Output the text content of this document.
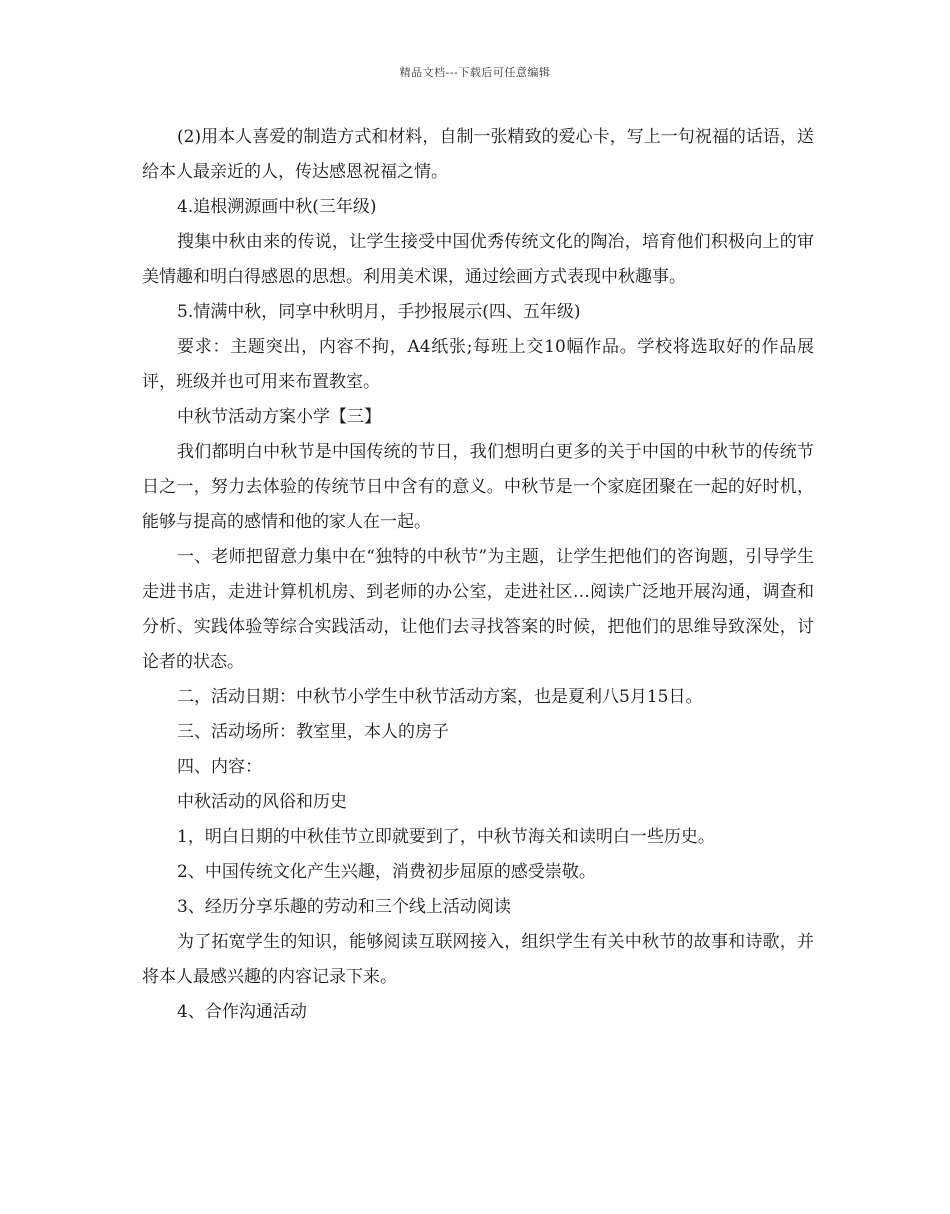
精品文档---下载后可任意编辑

(2)用本人喜爱的制造方式和材料，自制一张精致的爱心卡，写上一句祝福的话语，送给本人最亲近的人，传达感恩祝福之情。

4.追根溯源画中秋(三年级)

搜集中秋由来的传说，让学生接受中国优秀传统文化的陶冶，培育他们积极向上的审美情趣和明白得感恩的思想。利用美术课，通过绘画方式表现中秋趣事。

5.情满中秋，同享中秋明月，手抄报展示(四、五年级)

要求：主题突出，内容不拘，A4纸张;每班上交10幅作品。学校将选取好的作品展评，班级并也可用来布置教室。

中秋节活动方案小学【三】

我们都明白中秋节是中国传统的节日，我们想明白更多的关于中国的中秋节的传统节日之一，努力去体验的传统节日中含有的意义。中秋节是一个家庭团聚在一起的好时机，能够与提高的感情和他的家人在一起。

一、老师把留意力集中在“独特的中秋节”为主题，让学生把他们的咨询题，引导学生走进书店，走进计算机机房、到老师的办公室，走进社区…阅读广泛地开展沟通，调查和分析、实践体验等综合实践活动，让他们去寻找答案的时候，把他们的思维导致深处，讨论者的状态。

二，活动日期：中秋节小学生中秋节活动方案，也是夏利八5月15日。

三、活动场所：教室里，本人的房子

四、内容：

中秋活动的风俗和历史

1，明白日期的中秋佳节立即就要到了，中秋节海关和读明白一些历史。

2、中国传统文化产生兴趣，消费初步屈原的感受崇敬。

3、经历分享乐趣的劳动和三个线上活动阅读

为了拓宽学生的知识，能够阅读互联网接入，组织学生有关中秋节的故事和诗歌，并将本人最感兴趣的内容记录下来。

4、合作沟通活动
